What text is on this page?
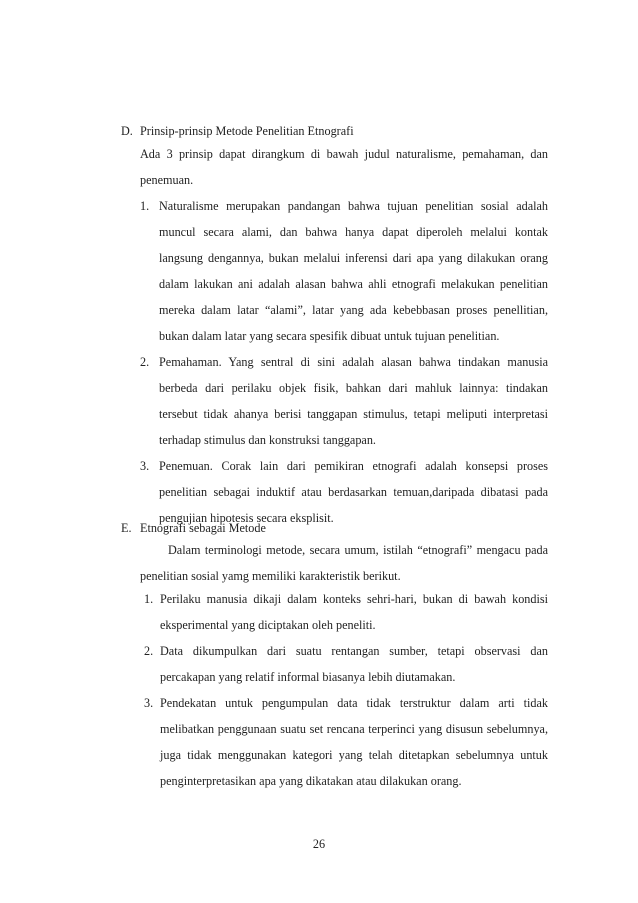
D. Prinsip-prinsip Metode Penelitian Etnografi
Ada 3 prinsip dapat dirangkum di bawah judul naturalisme, pemahaman, dan penemuan.
1. Naturalisme merupakan pandangan bahwa tujuan penelitian sosial adalah muncul secara alami, dan bahwa hanya dapat diperoleh melalui kontak langsung dengannya, bukan melalui inferensi dari apa yang dilakukan orang dalam lakukan ani adalah alasan bahwa ahli etnografi melakukan penelitian mereka dalam latar “alami”, latar yang ada kebebbasan proses penellitian, bukan dalam latar yang secara spesifik dibuat untuk tujuan penelitian.
2. Pemahaman. Yang sentral di sini adalah alasan bahwa tindakan manusia berbeda dari perilaku objek fisik, bahkan dari mahluk lainnya: tindakan tersebut tidak ahanya berisi tanggapan stimulus, tetapi meliputi interpretasi terhadap stimulus dan konstruksi tanggapan.
3. Penemuan. Corak lain dari pemikiran etnografi adalah konsepsi proses penelitian sebagai induktif atau berdasarkan temuan,daripada dibatasi pada pengujian hipotesis secara eksplisit.
E. Etnografi sebagai Metode
Dalam terminologi metode, secara umum, istilah “etnografi” mengacu pada penelitian sosial yamg memiliki karakteristik berikut.
1. Perilaku manusia dikaji dalam konteks sehri-hari, bukan di bawah kondisi eksperimental yang diciptakan oleh peneliti.
2. Data dikumpulkan dari suatu rentangan sumber, tetapi observasi dan percakapan yang relatif informal biasanya lebih diutamakan.
3. Pendekatan untuk pengumpulan data tidak terstruktur dalam arti tidak melibatkan penggunaan suatu set rencana terperinci yang disusun sebelumnya, juga tidak menggunakan kategori yang telah ditetapkan sebelumnya untuk penginterpretasikan apa yang dikatakan atau dilakukan orang.
26
